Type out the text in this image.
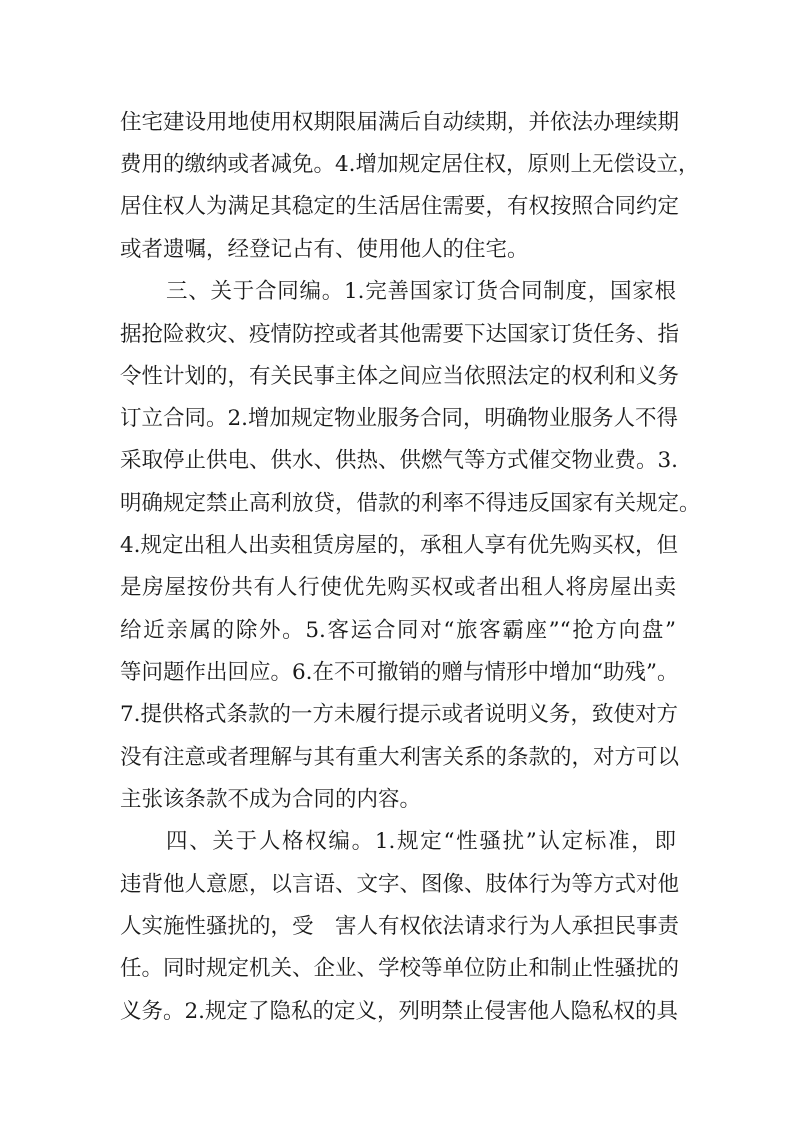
住宅建设用地使用权期限届满后自动续期，并依法办理续期
费用的缴纳或者减免。4.增加规定居住权，原则上无偿设立，
居住权人为满足其稳定的生活居住需要，有权按照合同约定
或者遗嘱，经登记占有、使用他人的住宅。
三、关于合同编。1.完善国家订货合同制度，国家根
据抢险救灾、疫情防控或者其他需要下达国家订货任务、指
令性计划的，有关民事主体之间应当依照法定的权利和义务
订立合同。2.增加规定物业服务合同，明确物业服务人不得
采取停止供电、供水、供热、供燃气等方式催交物业费。3.
明确规定禁止高利放贷，借款的利率不得违反国家有关规定。
4.规定出租人出卖租赁房屋的，承租人享有优先购买权，但
是房屋按份共有人行使优先购买权或者出租人将房屋出卖
给近亲属的除外。5.客运合同对“旅客霸座”“抢方向盘”
等问题作出回应。6.在不可撤销的赠与情形中增加“助残”。
7.提供格式条款的一方未履行提示或者说明义务，致使对方
没有注意或者理解与其有重大利害关系的条款的，对方可以
主张该条款不成为合同的内容。
四、关于人格权编。1.规定“性骚扰”认定标准，即
违背他人意愿，以言语、文字、图像、肢体行为等方式对他
人实施性骚扰的，受　害人有权依法请求行为人承担民事责
任。同时规定机关、企业、学校等单位防止和制止性骚扰的
义务。2.规定了隐私的定义，列明禁止侵害他人隐私权的具
